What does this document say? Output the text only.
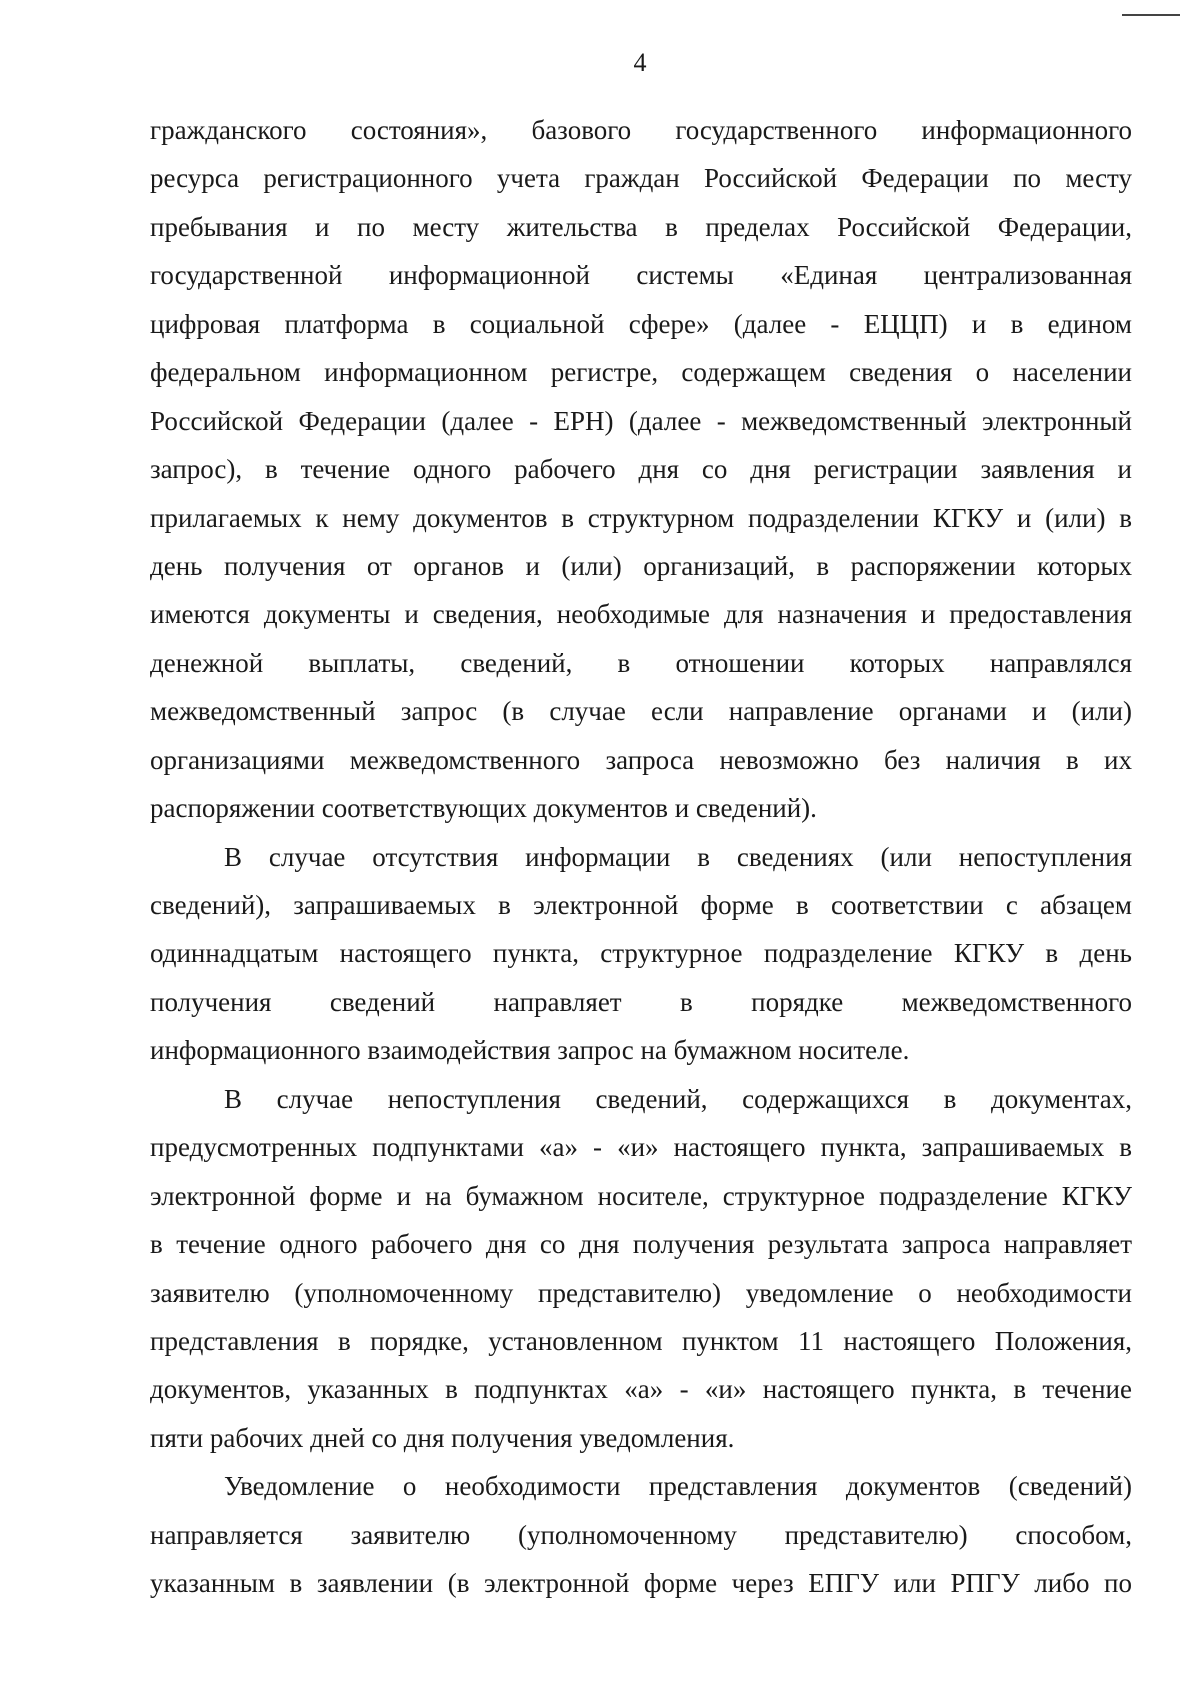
4
гражданского состояния», базового государственного информационного
ресурса регистрационного учета граждан Российской Федерации по месту
пребывания и по месту жительства в пределах Российской Федерации,
государственной информационной системы «Единая централизованная
цифровая платформа в социальной сфере» (далее - ЕЦЦП) и в едином
федеральном информационном регистре, содержащем сведения о населении
Российской Федерации (далее - ЕРН) (далее - межведомственный электронный
запрос), в течение одного рабочего дня со дня регистрации заявления и
прилагаемых к нему документов в структурном подразделении КГКУ и (или) в
день получения от органов и (или) организаций, в распоряжении которых
имеются документы и сведения, необходимые для назначения и предоставления
денежной выплаты, сведений, в отношении которых направлялся
межведомственный запрос (в случае если направление органами и (или)
организациями межведомственного запроса невозможно без наличия в их
распоряжении соответствующих документов и сведений).
В случае отсутствия информации в сведениях (или непоступления
сведений), запрашиваемых в электронной форме в соответствии с абзацем
одиннадцатым настоящего пункта, структурное подразделение КГКУ в день
получения сведений направляет в порядке межведомственного
информационного взаимодействия запрос на бумажном носителе.
В случае непоступления сведений, содержащихся в документах,
предусмотренных подпунктами «а» - «и» настоящего пункта, запрашиваемых в
электронной форме и на бумажном носителе, структурное подразделение КГКУ
в течение одного рабочего дня со дня получения результата запроса направляет
заявителю (уполномоченному представителю) уведомление о необходимости
представления в порядке, установленном пунктом 11 настоящего Положения,
документов, указанных в подпунктах «а» - «и» настоящего пункта, в течение
пяти рабочих дней со дня получения уведомления.
Уведомление о необходимости представления документов (сведений)
направляется заявителю (уполномоченному представителю) способом,
указанным в заявлении (в электронной форме через ЕПГУ или РПГУ либо по
